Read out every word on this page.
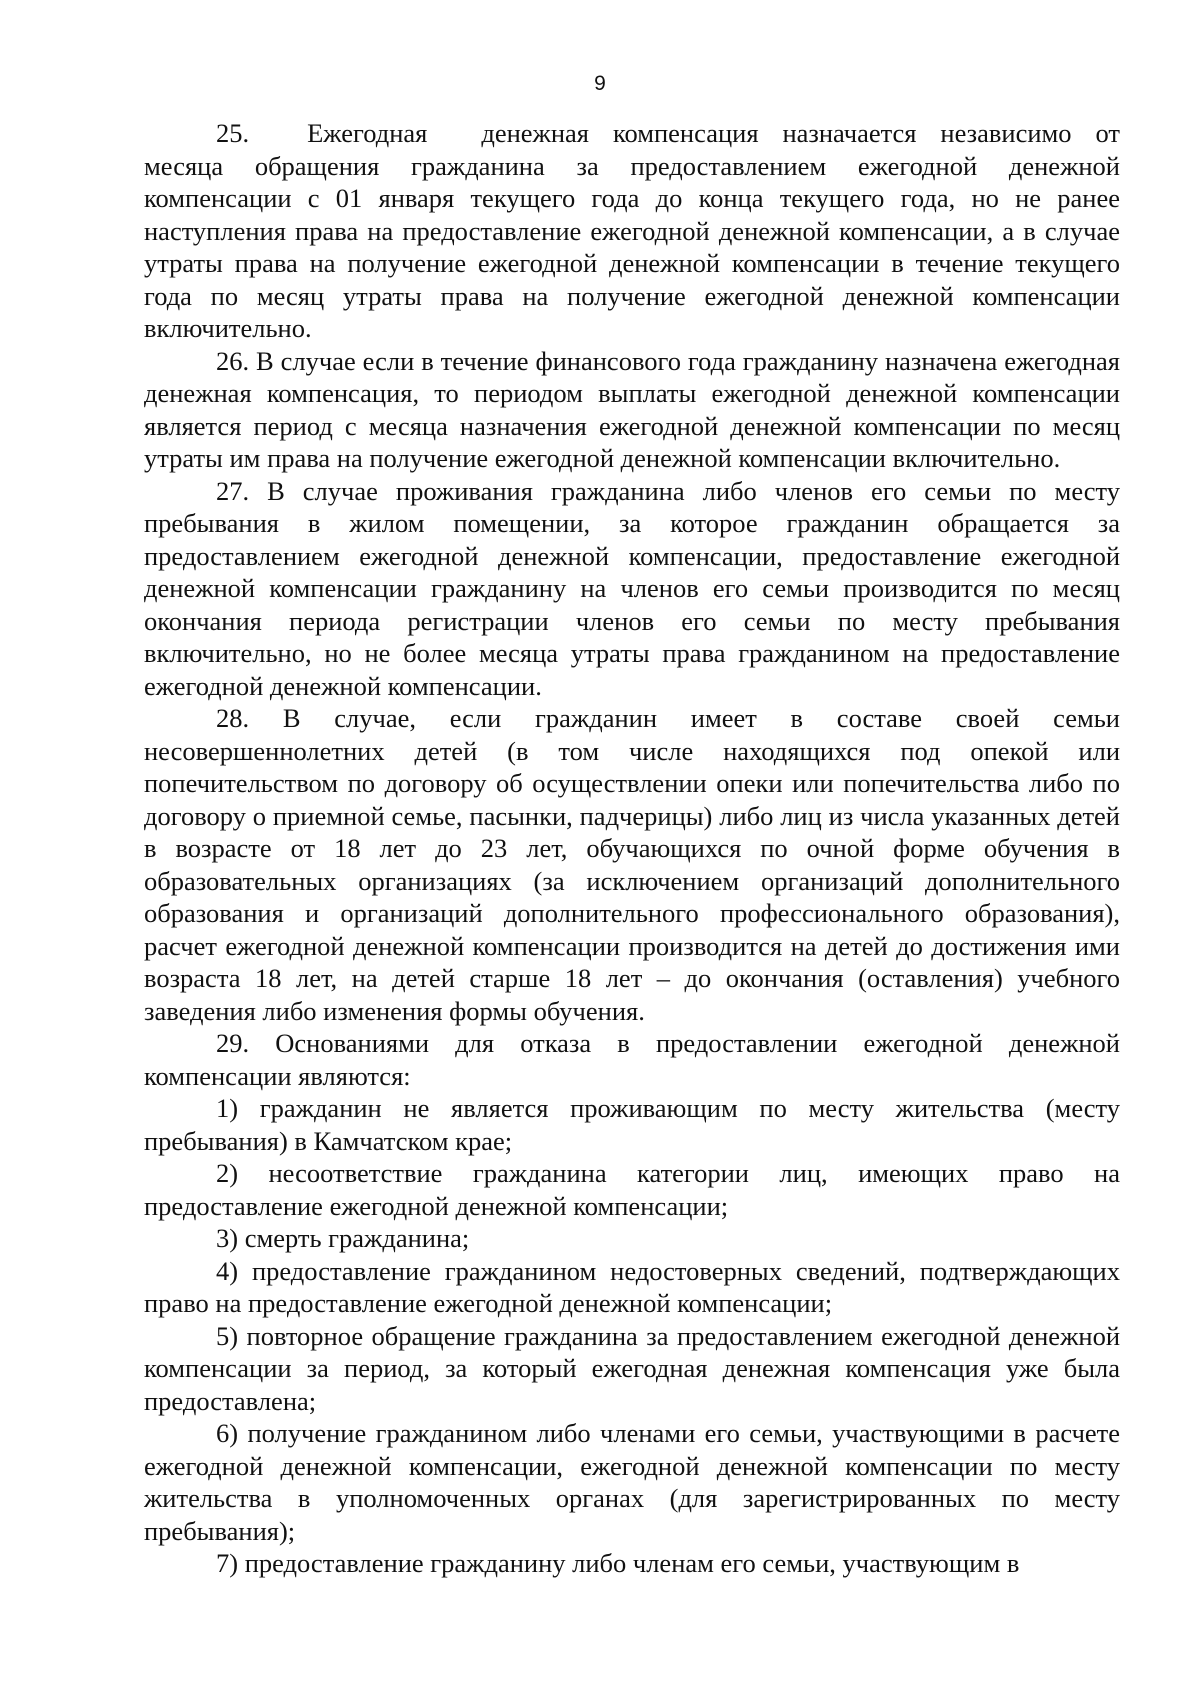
9

25. Ежегодная денежная компенсация назначается независимо от месяца обращения гражданина за предоставлением ежегодной денежной компенсации с 01 января текущего года до конца текущего года, но не ранее наступления права на предоставление ежегодной денежной компенсации, а в случае утраты права на получение ежегодной денежной компенсации в течение текущего года по месяц утраты права на получение ежегодной денежной компенсации включительно.

26. В случае если в течение финансового года гражданину назначена ежегодная денежная компенсация, то периодом выплаты ежегодной денежной компенсации является период с месяца назначения ежегодной денежной компенсации по месяц утраты им права на получение ежегодной денежной компенсации включительно.

27. В случае проживания гражданина либо членов его семьи по месту пребывания в жилом помещении, за которое гражданин обращается за предоставлением ежегодной денежной компенсации, предоставление ежегодной денежной компенсации гражданину на членов его семьи производится по месяц окончания периода регистрации членов его семьи по месту пребывания включительно, но не более месяца утраты права гражданином на предоставление ежегодной денежной компенсации.

28. В случае, если гражданин имеет в составе своей семьи несовершеннолетних детей (в том числе находящихся под опекой или попечительством по договору об осуществлении опеки или попечительства либо по договору о приемной семье, пасынки, падчерицы) либо лиц из числа указанных детей в возрасте от 18 лет до 23 лет, обучающихся по очной форме обучения в образовательных организациях (за исключением организаций дополнительного образования и организаций дополнительного профессионального образования), расчет ежегодной денежной компенсации производится на детей до достижения ими возраста 18 лет, на детей старше 18 лет – до окончания (оставления) учебного заведения либо изменения формы обучения.

29. Основаниями для отказа в предоставлении ежегодной денежной компенсации являются:

1) гражданин не является проживающим по месту жительства (месту пребывания) в Камчатском крае;

2) несоответствие гражданина категории лиц, имеющих право на предоставление ежегодной денежной компенсации;

3) смерть гражданина;

4) предоставление гражданином недостоверных сведений, подтверждающих право на предоставление ежегодной денежной компенсации;

5) повторное обращение гражданина за предоставлением ежегодной денежной компенсации за период, за который ежегодная денежная компенсация уже была предоставлена;

6) получение гражданином либо членами его семьи, участвующими в расчете ежегодной денежной компенсации, ежегодной денежной компенсации по месту жительства в уполномоченных органах (для зарегистрированных по месту пребывания);

7) предоставление гражданину либо членам его семьи, участвующим в
